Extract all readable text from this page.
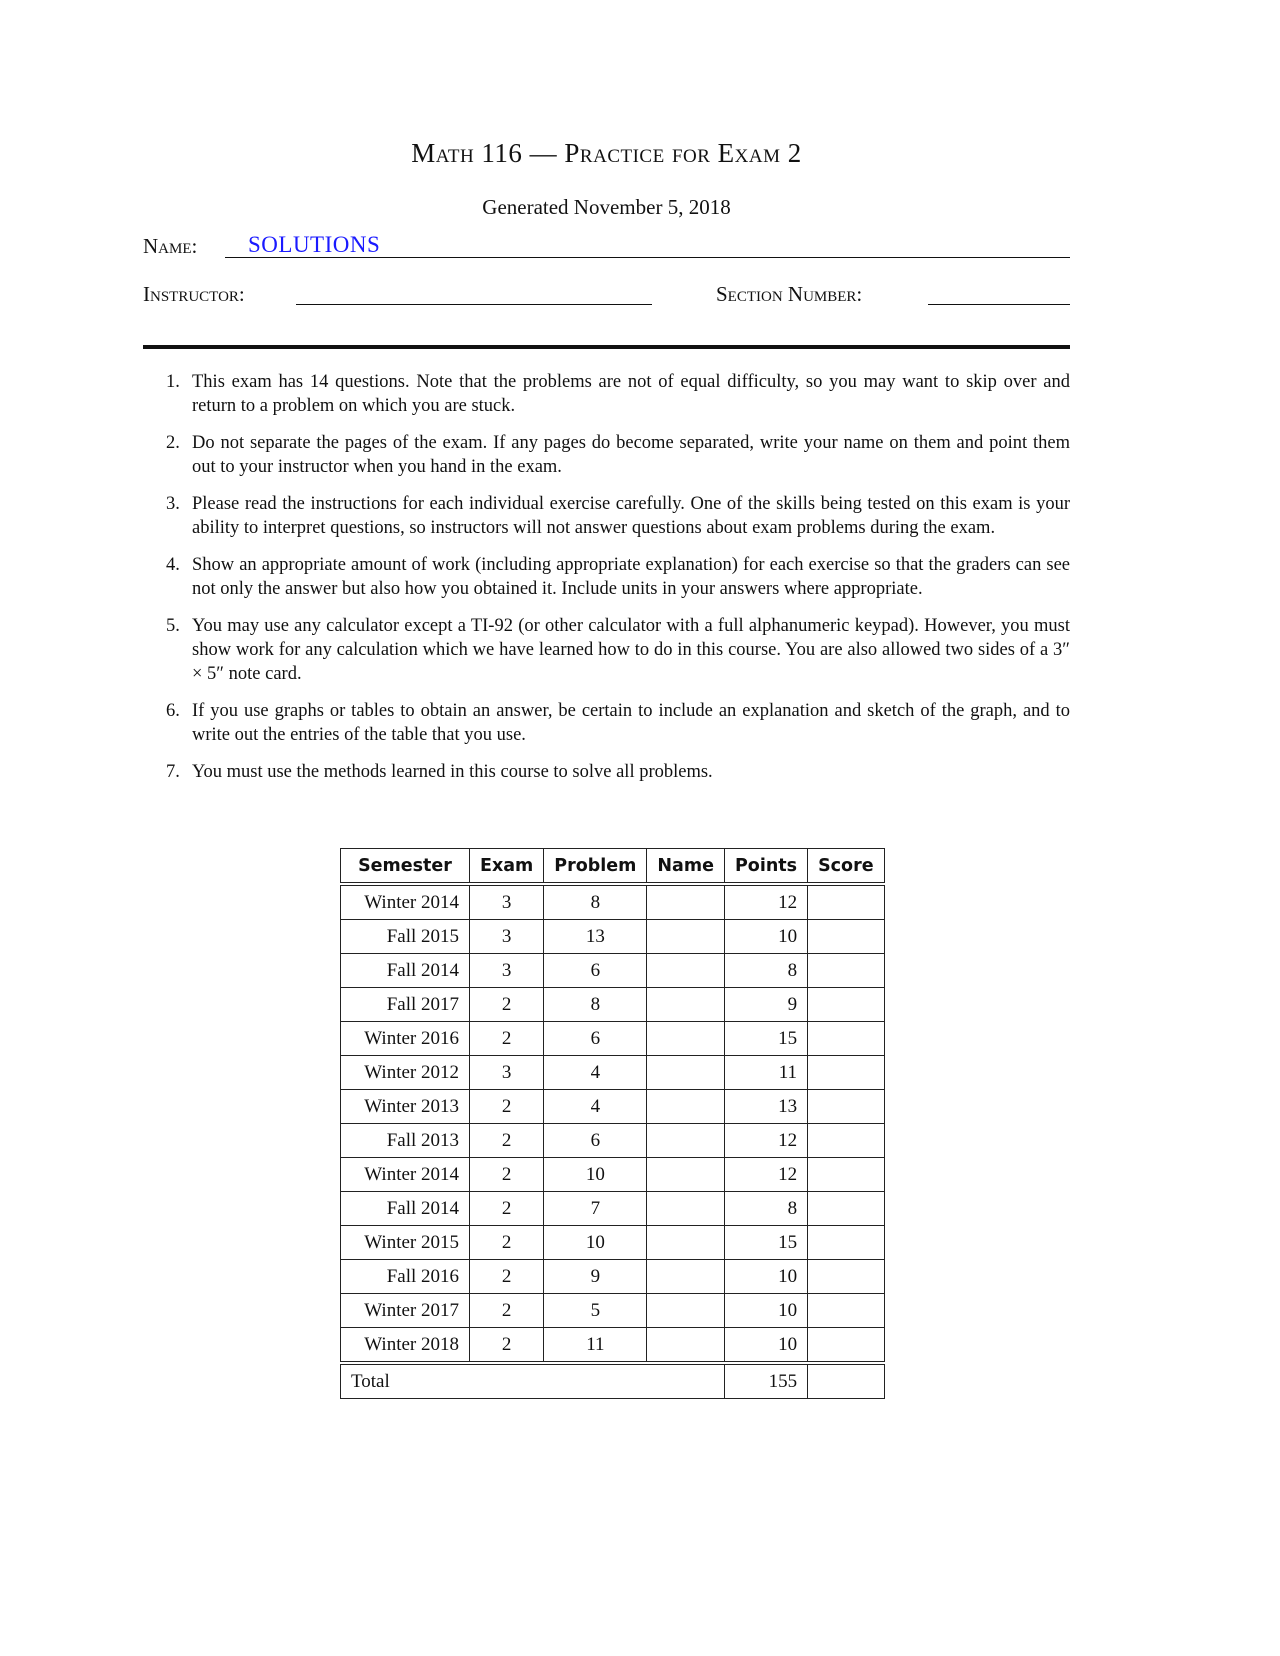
Math 116 — Practice for Exam 2
Generated November 5, 2018
Name: SOLUTIONS
Instructor:	Section Number:
1. This exam has 14 questions. Note that the problems are not of equal difficulty, so you may want to skip over and return to a problem on which you are stuck.
2. Do not separate the pages of the exam. If any pages do become separated, write your name on them and point them out to your instructor when you hand in the exam.
3. Please read the instructions for each individual exercise carefully. One of the skills being tested on this exam is your ability to interpret questions, so instructors will not answer questions about exam problems during the exam.
4. Show an appropriate amount of work (including appropriate explanation) for each exercise so that the graders can see not only the answer but also how you obtained it. Include units in your answers where appropriate.
5. You may use any calculator except a TI-92 (or other calculator with a full alphanumeric keypad). However, you must show work for any calculation which we have learned how to do in this course. You are also allowed two sides of a 3″ × 5″ note card.
6. If you use graphs or tables to obtain an answer, be certain to include an explanation and sketch of the graph, and to write out the entries of the table that you use.
7. You must use the methods learned in this course to solve all problems.
Semester	Exam	Problem	Name	Points	Score
Winter 2014	3	8		12	
Fall 2015	3	13		10	
Fall 2014	3	6		8	
Fall 2017	2	8		9	
Winter 2016	2	6		15	
Winter 2012	3	4		11	
Winter 2013	2	4		13	
Fall 2013	2	6		12	
Winter 2014	2	10		12	
Fall 2014	2	7		8	
Winter 2015	2	10		15	
Fall 2016	2	9		10	
Winter 2017	2	5		10	
Winter 2018	2	11		10	
Total				155	
